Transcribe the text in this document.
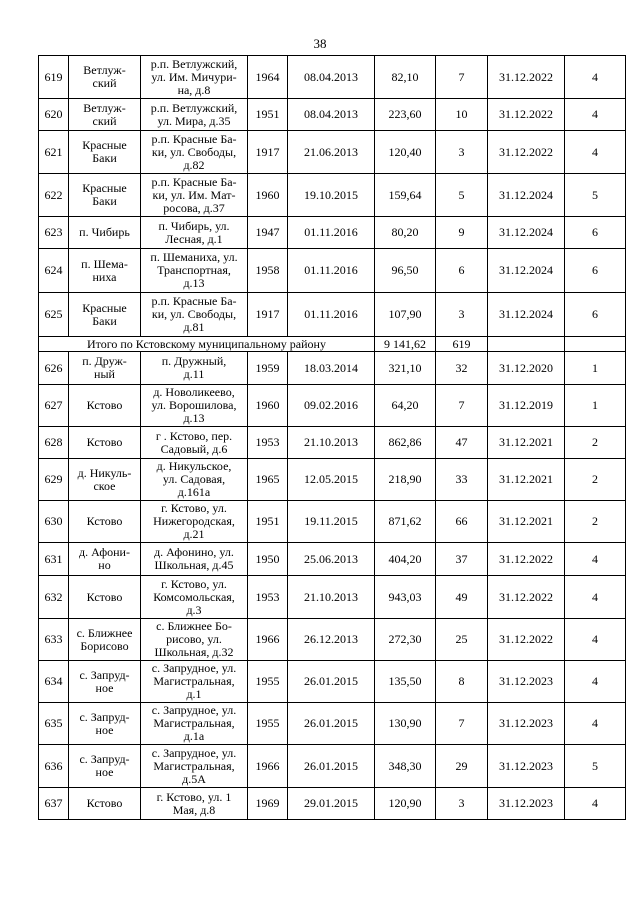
38
619	Ветлуж-
ский	р.п. Ветлужский,
ул. Им. Мичури-
на, д.8	1964	08.04.2013	82,10	7	31.12.2022	4
620	Ветлуж-
ский	р.п. Ветлужский,
ул. Мира, д.35	1951	08.04.2013	223,60	10	31.12.2022	4
621	Красные
Баки	р.п. Красные Ба-
ки, ул. Свободы,
д.82	1917	21.06.2013	120,40	3	31.12.2022	4
622	Красные
Баки	р.п. Красные Ба-
ки, ул. Им. Мат-
росова, д.37	1960	19.10.2015	159,64	5	31.12.2024	5
623	п. Чибирь	п. Чибирь, ул.
Лесная, д.1	1947	01.11.2016	80,20	9	31.12.2024	6
624	п. Шема-
ниха	п. Шеманиха, ул.
Транспортная,
д.13	1958	01.11.2016	96,50	6	31.12.2024	6
625	Красные
Баки	р.п. Красные Ба-
ки, ул. Свободы,
д.81	1917	01.11.2016	107,90	3	31.12.2024	6
Итого по Кстовскому муниципальному району					9 141,62	619		
626	п. Друж-
ный	п. Дружный,
д.11	1959	18.03.2014	321,10	32	31.12.2020	1
627	Кстово	д. Новоликеево,
ул. Ворошилова,
д.13	1960	09.02.2016	64,20	7	31.12.2019	1
628	Кстово	г . Кстово, пер.
Садовый, д.6	1953	21.10.2013	862,86	47	31.12.2021	2
629	д. Никуль-
ское	д. Никульское,
ул. Садовая,
д.161а	1965	12.05.2015	218,90	33	31.12.2021	2
630	Кстово	г. Кстово, ул.
Нижегородская,
д.21	1951	19.11.2015	871,62	66	31.12.2021	2
631	д. Афони-
но	д. Афонино, ул.
Школьная, д.45	1950	25.06.2013	404,20	37	31.12.2022	4
632	Кстово	г. Кстово, ул.
Комсомольская,
д.3	1953	21.10.2013	943,03	49	31.12.2022	4
633	с. Ближнее
Борисово	с. Ближнее Бо-
рисово, ул.
Школьная, д.32	1966	26.12.2013	272,30	25	31.12.2022	4
634	с. Запруд-
ное	с. Запрудное, ул.
Магистральная,
д.1	1955	26.01.2015	135,50	8	31.12.2023	4
635	с. Запруд-
ное	с. Запрудное, ул.
Магистральная,
д.1а	1955	26.01.2015	130,90	7	31.12.2023	4
636	с. Запруд-
ное	с. Запрудное, ул.
Магистральная,
д.5А	1966	26.01.2015	348,30	29	31.12.2023	5
637	Кстово	г. Кстово, ул. 1
Мая, д.8	1969	29.01.2015	120,90	3	31.12.2023	4
